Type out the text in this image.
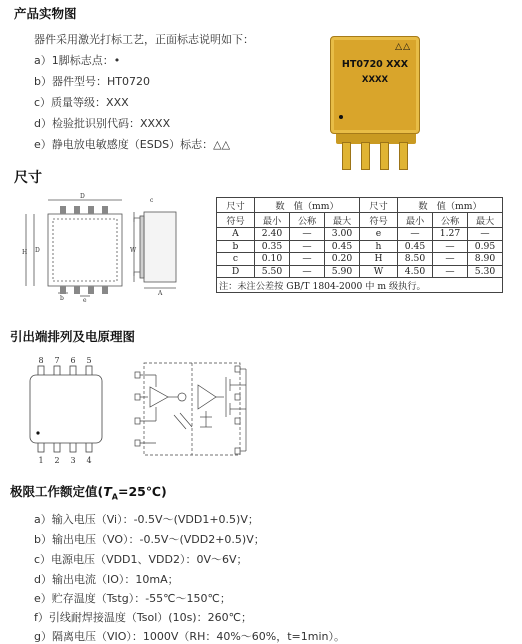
产品实物图
器件采用激光打标工艺，正面标志说明如下：
a）1脚标志点：•
b）器件型号：HT0720
c）质量等级：XXX
d）检验批识别代码：XXXX
e）静电放电敏感度（ESDS）标志：△△
△△
HT0720 XXX
XXXX
尺寸
D
D
H
b	e
c
W
A
尺寸	数　值（mm）			尺寸	数　值（mm）		
符号	最小	公称	最大	符号	最小	公称	最大
A	2.40	—	3.00	e	—	1.27	—
b	0.35	—	0.45	h	0.45	—	0.95
c	0.10	—	0.20	H	8.50	—	8.90
D	5.50	—	5.90	W	4.50	—	5.30
注：未注公差按 GB/T 1804-2000 中 m 级执行。							
引出端排列及电原理图
8 7 6 5
1 2 3 4
极限工作额定值$(T_A=25℃)$
a）输入电压（Vi）：-0.5V～(VDD1+0.5)V；
b）输出电压（VO）：-0.5V～(VDD2+0.5)V；
c）电源电压（VDD1、VDD2）：0V～6V；
d）输出电流（IO）：10mA；
e）贮存温度（Tstg）：-55℃～150℃；
f）引线耐焊接温度（Tsol）(10s)：260℃；
g）隔离电压（VIO）：1000V（RH：40%～60%，t=1min）。
